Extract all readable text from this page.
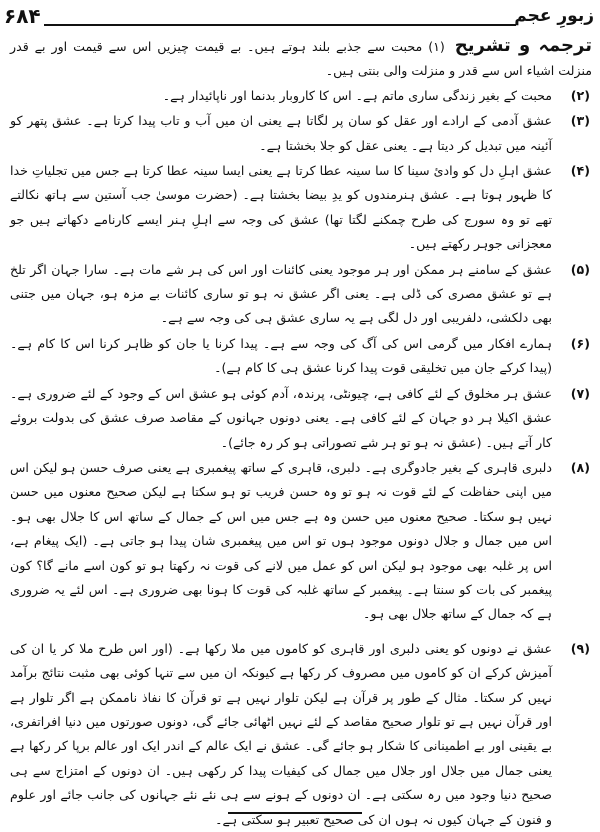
زبورِ عجم
۶۸۴

ترجمہ و تشریح(۱) محبت سے جذبے بلند ہوتے ہیں۔ بے قیمت چیزیں اس سے قیمت اور بے قدر منزلت اشیاء اس سے قدر و منزلت والی بنتی ہیں۔

(۲)
محبت کے بغیر زندگی ساری ماتم ہے۔ اس کا کاروبار بدنما اور ناپائیدار ہے۔

(۳)
عشق آدمی کے ارادے اور عقل کو سان پر لگاتا ہے یعنی ان میں آب و تاب پیدا کرتا ہے۔ عشق پتھر کو آئینہ میں تبدیل کر دیتا ہے۔ یعنی عقل کو جلا بخشتا ہے۔

(۴)
عشق اہلِ دل کو وادیٔ سینا کا سا سینہ عطا کرتا ہے یعنی ایسا سینہ عطا کرتا ہے جس میں تجلیاتِ خدا کا ظہور ہوتا ہے۔ عشق ہنرمندوں کو یدِ بیضا بخشتا ہے۔ (حضرت موسیٰ جب آستین سے ہاتھ نکالتے تھے تو وہ سورج کی طرح چمکنے لگتا تھا) عشق کی وجہ سے اہلِ ہنر ایسے کارنامے دکھاتے ہیں جو معجزانی جوہر رکھتے ہیں۔

(۵)
عشق کے سامنے ہر ممکن اور ہر موجود یعنی کائنات اور اس کی ہر شے مات ہے۔ سارا جہان اگر تلخ ہے تو عشق مصری کی ڈلی ہے۔ یعنی اگر عشق نہ ہو تو ساری کائنات بے مزہ ہو، جہان میں جتنی بھی دلکشی، دلفریبی اور دل لگی ہے یہ ساری عشق ہی کی وجہ سے ہے۔

(۶)
ہمارے افکار میں گرمی اس کی آگ کی وجہ سے ہے۔ پیدا کرنا یا جان کو ظاہر کرنا اس کا کام ہے۔ (پیدا کرکے جان میں تخلیقی قوت پیدا کرنا عشق ہی کا کام ہے)۔

(۷)
عشق ہر مخلوق کے لئے کافی ہے، چیونٹی، پرندہ، آدم کوئی ہو عشق اس کے وجود کے لئے ضروری ہے۔ عشق اکیلا ہر دو جہان کے لئے کافی ہے۔ یعنی دونوں جہانوں کے مقاصد صرف عشق کی بدولت بروئے کار آتے ہیں۔ (عشق نہ ہو تو ہر شے تصوراتی ہو کر رہ جائے)۔

(۸)
دلبری قاہری کے بغیر جادوگری ہے۔ دلبری، قاہری کے ساتھ پیغمبری ہے یعنی صرف حسن ہو لیکن اس میں اپنی حفاظت کے لئے قوت نہ ہو تو وہ حسن فریب تو ہو سکتا ہے لیکن صحیح معنوں میں حسن نہیں ہو سکتا۔ صحیح معنوں میں حسن وہ ہے جس میں اس کے جمال کے ساتھ اس کا جلال بھی ہو۔ اس میں جمال و جلال دونوں موجود ہوں تو اس میں پیغمبری شان پیدا ہو جاتی ہے۔ (ایک پیغام ہے، اس پر غلبہ بھی موجود ہو لیکن اس کو عمل میں لانے کی قوت نہ رکھتا ہو تو کون اسے مانے گا؟ کون پیغمبر کی بات کو سنتا ہے۔ پیغمبر کے ساتھ غلبہ کی قوت کا ہونا بھی ضروری ہے۔ اس لئے یہ ضروری ہے کہ جمال کے ساتھ جلال بھی ہو۔

(۹)
عشق نے دونوں کو یعنی دلبری اور قاہری کو کاموں میں ملا رکھا ہے۔ (اور اس طرح ملا کر یا ان کی آمیزش کرکے ان کو کاموں میں مصروف کر رکھا ہے کیونکہ ان میں سے تنہا کوئی بھی مثبت نتائج برآمد نہیں کر سکتا۔ مثال کے طور پر قرآن ہے لیکن تلوار نہیں ہے تو قرآن کا نفاذ ناممکن ہے اگر تلوار ہے اور قرآن نہیں ہے تو تلوار صحیح مقاصد کے لئے نہیں اٹھائی جائے گی، دونوں صورتوں میں دنیا افراتفری، بے یقینی اور بے اطمینانی کا شکار ہو جائے گی۔ عشق نے ایک عالم کے اندر ایک اور عالم برپا کر رکھا ہے یعنی جمال میں جلال اور جلال میں جمال کی کیفیات پیدا کر رکھی ہیں۔ ان دونوں کے امتزاج سے ہی صحیح دنیا وجود میں رہ سکتی ہے۔ ان دونوں کے ہونے سے ہی نئے نئے جہانوں کی جانب جائے اور علوم و فنون کے جہان کیوں نہ ہوں ان کی صحیح تعبیر ہو سکتی ہے۔
